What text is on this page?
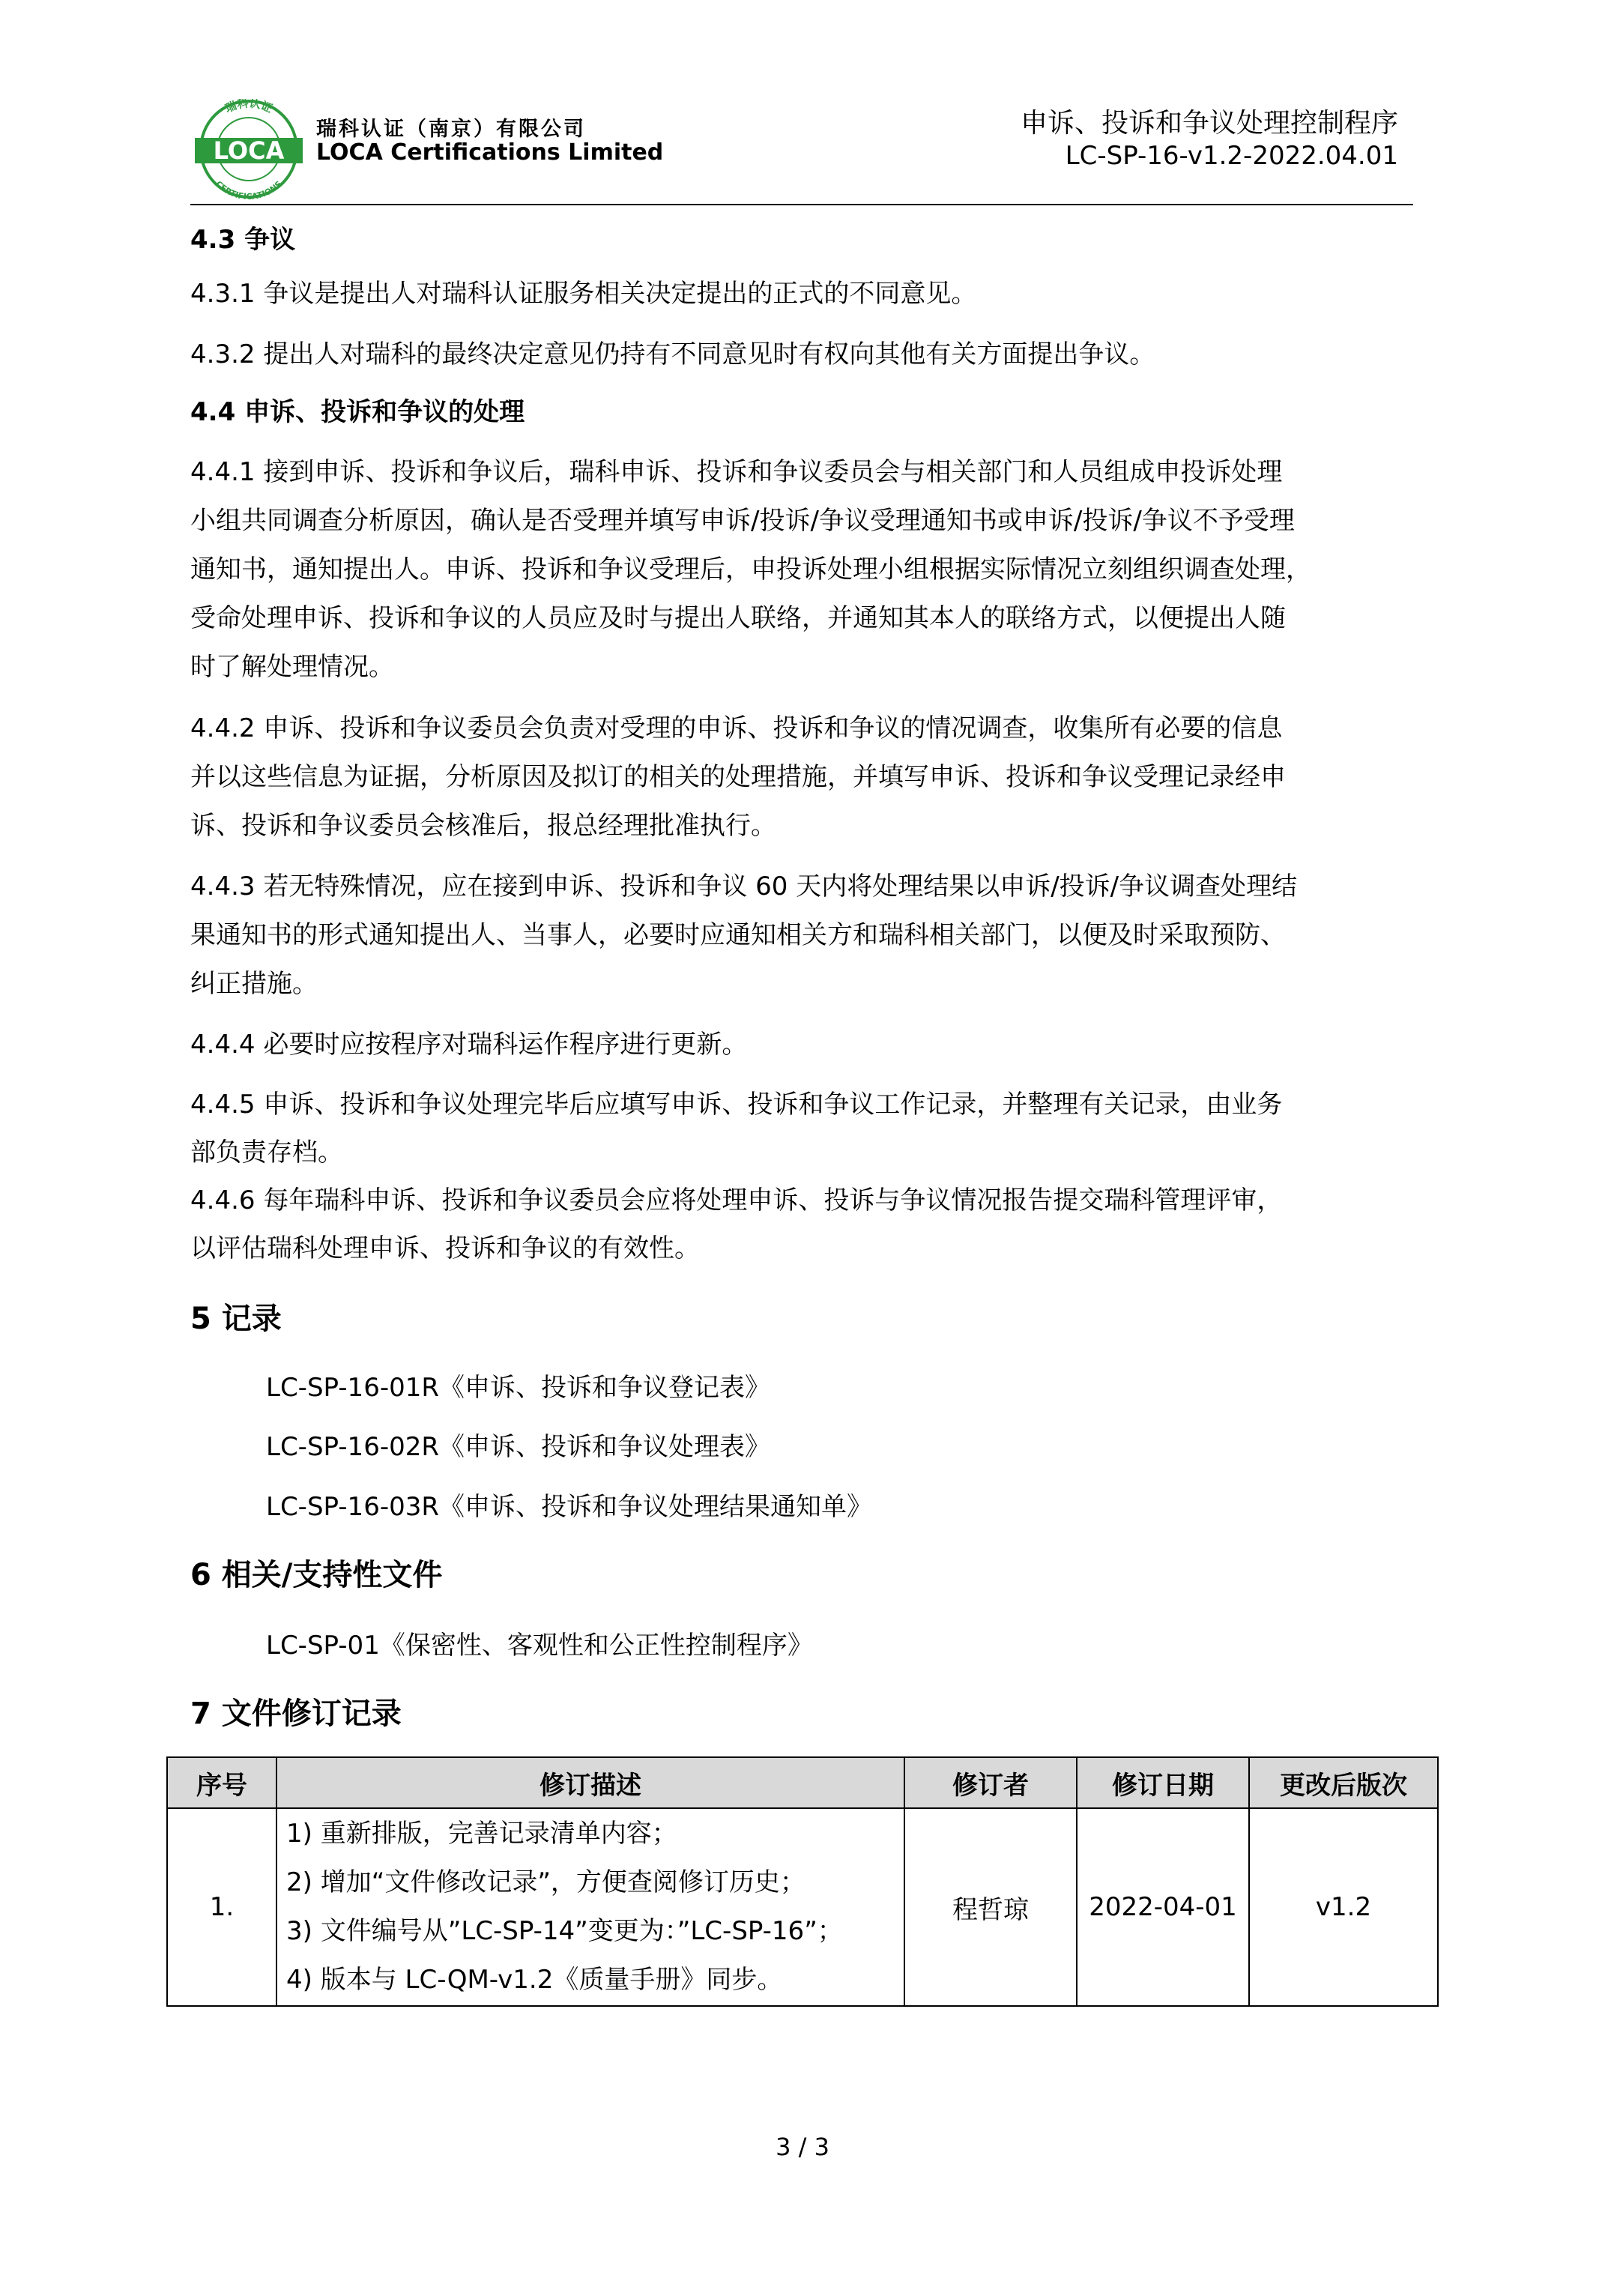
瑞科认证
LOCA
CERTIFICATIONS
瑞科认证（南京）有限公司
LOCA Certifications Limited
申诉、投诉和争议处理控制程序
LC-SP-16-v1.2-2022.04.01
4.3 争议
4.3.1 争议是提出人对瑞科认证服务相关决定提出的正式的不同意见。
4.3.2 提出人对瑞科的最终决定意见仍持有不同意见时有权向其他有关方面提出争议。
4.4 申诉、投诉和争议的处理
4.4.1 接到申诉、投诉和争议后，瑞科申诉、投诉和争议委员会与相关部门和人员组成申投诉处理
小组共同调查分析原因，确认是否受理并填写申诉/投诉/争议受理通知书或申诉/投诉/争议不予受理
通知书，通知提出人。申诉、投诉和争议受理后，申投诉处理小组根据实际情况立刻组织调查处理，
受命处理申诉、投诉和争议的人员应及时与提出人联络，并通知其本人的联络方式，以便提出人随
时了解处理情况。
4.4.2 申诉、投诉和争议委员会负责对受理的申诉、投诉和争议的情况调查，收集所有必要的信息
并以这些信息为证据，分析原因及拟订的相关的处理措施，并填写申诉、投诉和争议受理记录经申
诉、投诉和争议委员会核准后，报总经理批准执行。
4.4.3 若无特殊情况，应在接到申诉、投诉和争议 60 天内将处理结果以申诉/投诉/争议调查处理结
果通知书的形式通知提出人、当事人，必要时应通知相关方和瑞科相关部门，以便及时采取预防、
纠正措施。
4.4.4 必要时应按程序对瑞科运作程序进行更新。
4.4.5 申诉、投诉和争议处理完毕后应填写申诉、投诉和争议工作记录，并整理有关记录，由业务
部负责存档。
4.4.6 每年瑞科申诉、投诉和争议委员会应将处理申诉、投诉与争议情况报告提交瑞科管理评审，
以评估瑞科处理申诉、投诉和争议的有效性。
5 记录
LC-SP-16-01R《申诉、投诉和争议登记表》
LC-SP-16-02R《申诉、投诉和争议处理表》
LC-SP-16-03R《申诉、投诉和争议处理结果通知单》
6 相关/支持性文件
LC-SP-01《保密性、客观性和公正性控制程序》
7 文件修订记录
序号	修订描述	修订者	修订日期	更改后版次
1.	1) 重新排版，完善记录清单内容；
2) 增加“文件修改记录”，方便查阅修订历史；
3) 文件编号从”LC-SP-14”变更为：”LC-SP-16”；
4) 版本与 LC-QM-v1.2《质量手册》同步。	程哲琼	2022-04-01	v1.2
3 / 3
